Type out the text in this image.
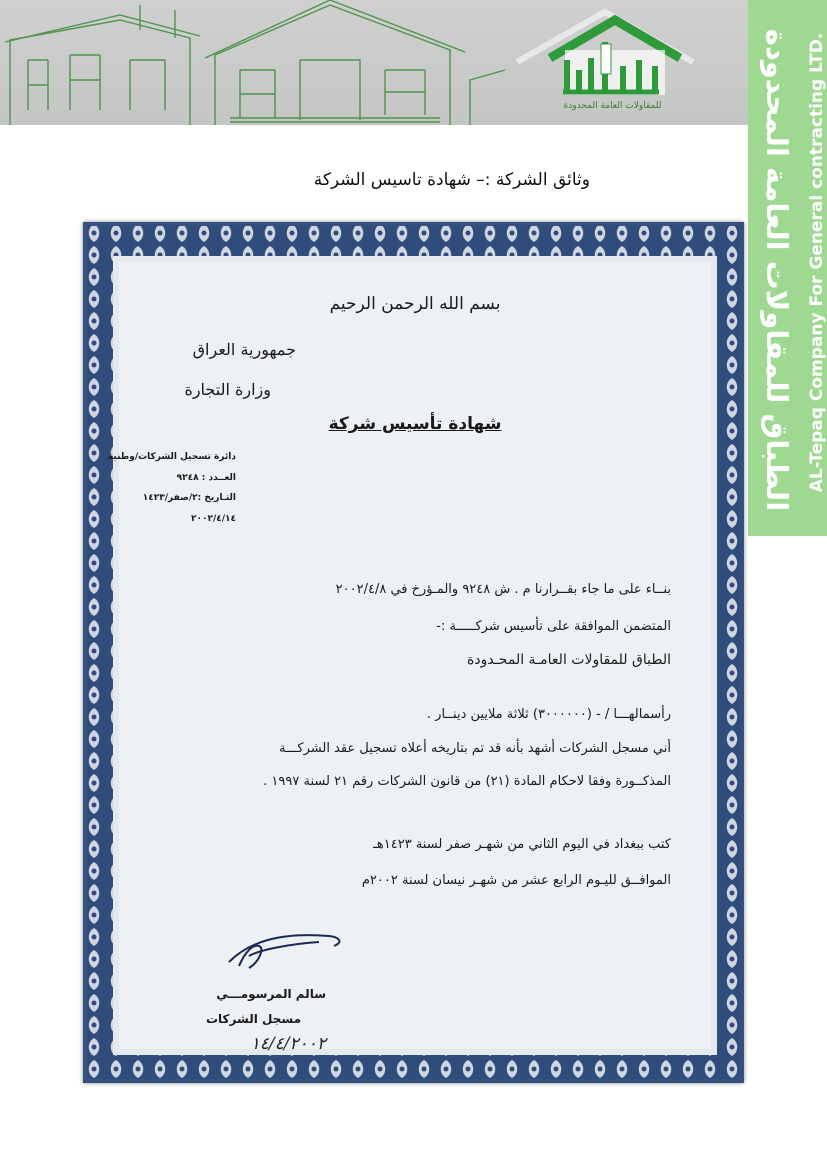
للمقاولات العامة المحدودة	الطباق للمقاولات العامة المحدودة AL-Tepaq Company For General contracting LTD.
وثائق الشركة :– شهادة تاسيس الشركة
بسم الله الرحمن الرحيم
جمهورية العراق
وزارة التجارة
شهادة تأسيس شركة
دائرة تسجيل الشركات/وطنية
العــدد : ٩٢٤٨
التـاريخ :٢/صفر/١٤٢٣
٢٠٠٢/٤/١٤
بنــاء على ما جاء بقــرارنا م . ش ٩٢٤٨ والمـؤرخ في ٢٠٠٢/٤/٨
المتضمن الموافقة على تأسيس شركـــــة :-
الطباق للمقاولات العامـة المحـدودة
رأسمالهـــا / - (٣٠٠٠٠٠٠) ثلاثة ملايين دينــار .
أني مسجل الشركات أشهد بأنه قد تم بتاريخه أعلاه تسجيل عقد الشركـــة
المذكــورة وفقا لاحكام المادة (٢١) من قانون الشركات رقم ٢١ لسنة ١٩٩٧ .
كتب ببغداد في اليوم الثاني من شهـر صفر لسنة ١٤٢٣هـ
الموافــق لليـوم الرابع عشر من شهـر نيسان لسنة ٢٠٠٢م
سالم المرسومـــي
مسجل الشركات
١٤/٤/٢٠٠٢
